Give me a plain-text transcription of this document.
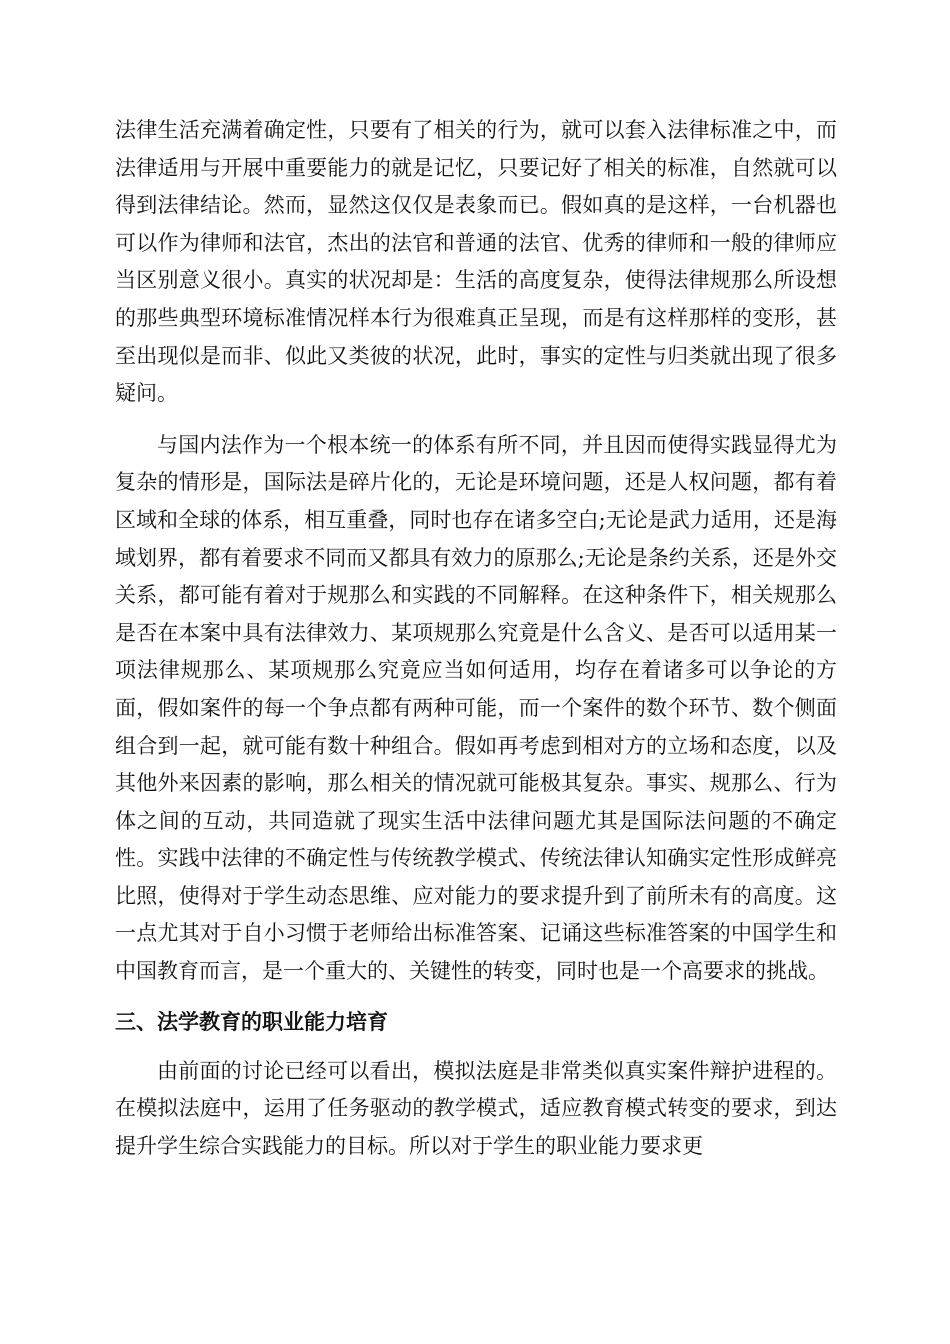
法律生活充满着确定性，只要有了相关的行为，就可以套入法律标准之中，而法律适用与开展中重要能力的就是记忆，只要记好了相关的标准，自然就可以得到法律结论。然而，显然这仅仅是表象而已。假如真的是这样，一台机器也可以作为律师和法官，杰出的法官和普通的法官、优秀的律师和一般的律师应当区别意义很小。真实的状况却是：生活的高度复杂，使得法律规那么所设想的那些典型环境标准情况样本行为很难真正呈现，而是有这样那样的变形，甚至出现似是而非、似此又类彼的状况，此时，事实的定性与归类就出现了很多疑问。

与国内法作为一个根本统一的体系有所不同，并且因而使得实践显得尤为复杂的情形是，国际法是碎片化的，无论是环境问题，还是人权问题，都有着区域和全球的体系，相互重叠，同时也存在诸多空白;无论是武力适用，还是海域划界，都有着要求不同而又都具有效力的原那么;无论是条约关系，还是外交关系，都可能有着对于规那么和实践的不同解释。在这种条件下，相关规那么是否在本案中具有法律效力、某项规那么究竟是什么含义、是否可以适用某一项法律规那么、某项规那么究竟应当如何适用，均存在着诸多可以争论的方面，假如案件的每一个争点都有两种可能，而一个案件的数个环节、数个侧面组合到一起，就可能有数十种组合。假如再考虑到相对方的立场和态度，以及其他外来因素的影响，那么相关的情况就可能极其复杂。事实、规那么、行为体之间的互动，共同造就了现实生活中法律问题尤其是国际法问题的不确定性。实践中法律的不确定性与传统教学模式、传统法律认知确实定性形成鲜亮比照，使得对于学生动态思维、应对能力的要求提升到了前所未有的高度。这一点尤其对于自小习惯于老师给出标准答案、记诵这些标准答案的中国学生和中国教育而言，是一个重大的、关键性的转变，同时也是一个高要求的挑战。

三、法学教育的职业能力培育

由前面的讨论已经可以看出，模拟法庭是非常类似真实案件辩护进程的。在模拟法庭中，运用了任务驱动的教学模式，适应教育模式转变的要求，到达提升学生综合实践能力的目标。所以对于学生的职业能力要求更
